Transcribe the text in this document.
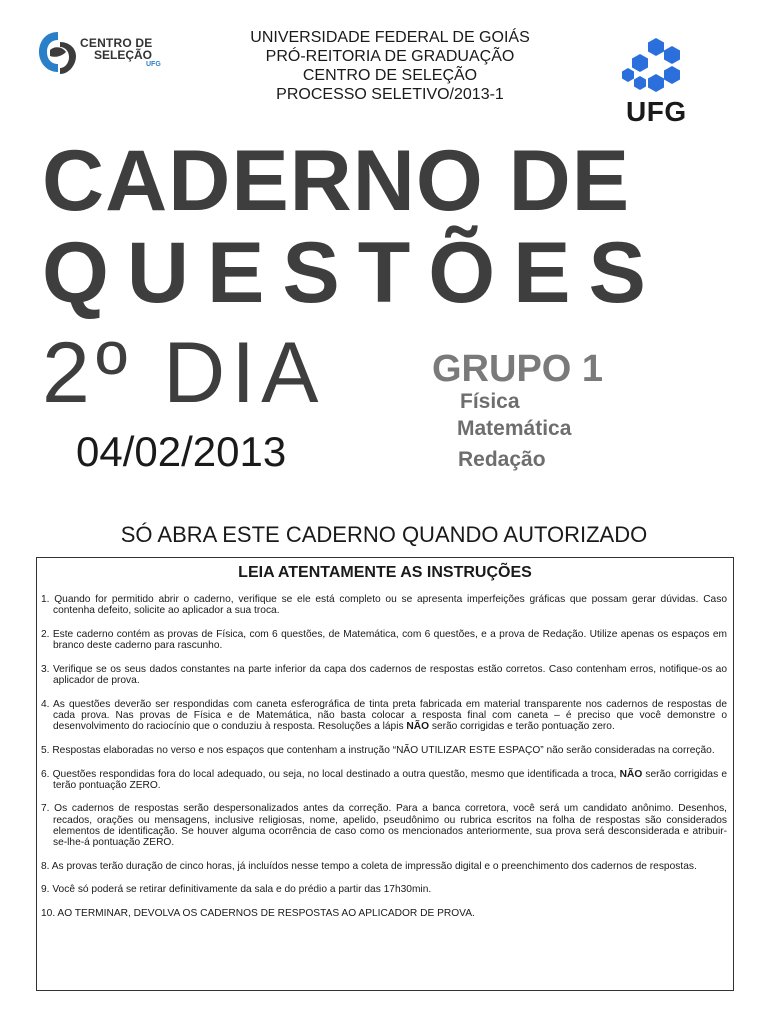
CENTRO DE
SELEÇÃO
UFG
UNIVERSIDADE FEDERAL DE GOIÁS
PRÓ-REITORIA DE GRADUAÇÃO
CENTRO DE SELEÇÃO
PROCESSO SELETIVO/2013-1
UFG
CADERNO DE
QUESTÕES
2º DIA	GRUPO 1
Física
Matemática
Redação
04/02/2013
SÓ ABRA ESTE CADERNO QUANDO AUTORIZADO
LEIA ATENTAMENTE AS INSTRUÇÕES
1. Quando for permitido abrir o caderno, verifique se ele está completo ou se apresenta imperfeições gráficas que possam gerar dúvidas. Caso contenha defeito, solicite ao aplicador a sua troca.
2. Este caderno contém as provas de Física, com 6 questões, de Matemática, com 6 questões, e a prova de Redação. Utilize apenas os espaços em branco deste caderno para rascunho.
3. Verifique se os seus dados constantes na parte inferior da capa dos cadernos de respostas estão corretos. Caso contenham erros, notifique-os ao aplicador de prova.
4. As questões deverão ser respondidas com caneta esferográfica de tinta preta fabricada em material transparente nos cadernos de respostas de cada prova. Nas provas de Física e de Matemática, não basta colocar a resposta final com caneta – é preciso que você demonstre o desenvolvimento do raciocínio que o conduziu à resposta. Resoluções a lápis NÃO serão corrigidas e terão pontuação zero.
5. Respostas elaboradas no verso e nos espaços que contenham a instrução “NÃO UTILIZAR ESTE ESPAÇO” não serão consideradas na correção.
6. Questões respondidas fora do local adequado, ou seja, no local destinado a outra questão, mesmo que identificada a troca, NÃO serão corrigidas e terão pontuação ZERO.
7. Os cadernos de respostas serão despersonalizados antes da correção. Para a banca corretora, você será um candidato anônimo. Desenhos, recados, orações ou mensagens, inclusive religiosas, nome, apelido, pseudônimo ou rubrica escritos na folha de respostas são considerados elementos de identificação. Se houver alguma ocorrência de caso como os mencionados anteriormente, sua prova será desconsiderada e atribuir-se-lhe-á pontuação ZERO.
8. As provas terão duração de cinco horas, já incluídos nesse tempo a coleta de impressão digital e o preenchimento dos cadernos de respostas.
9. Você só poderá se retirar definitivamente da sala e do prédio a partir das 17h30min.
10. AO TERMINAR, DEVOLVA OS CADERNOS DE RESPOSTAS AO APLICADOR DE PROVA.
